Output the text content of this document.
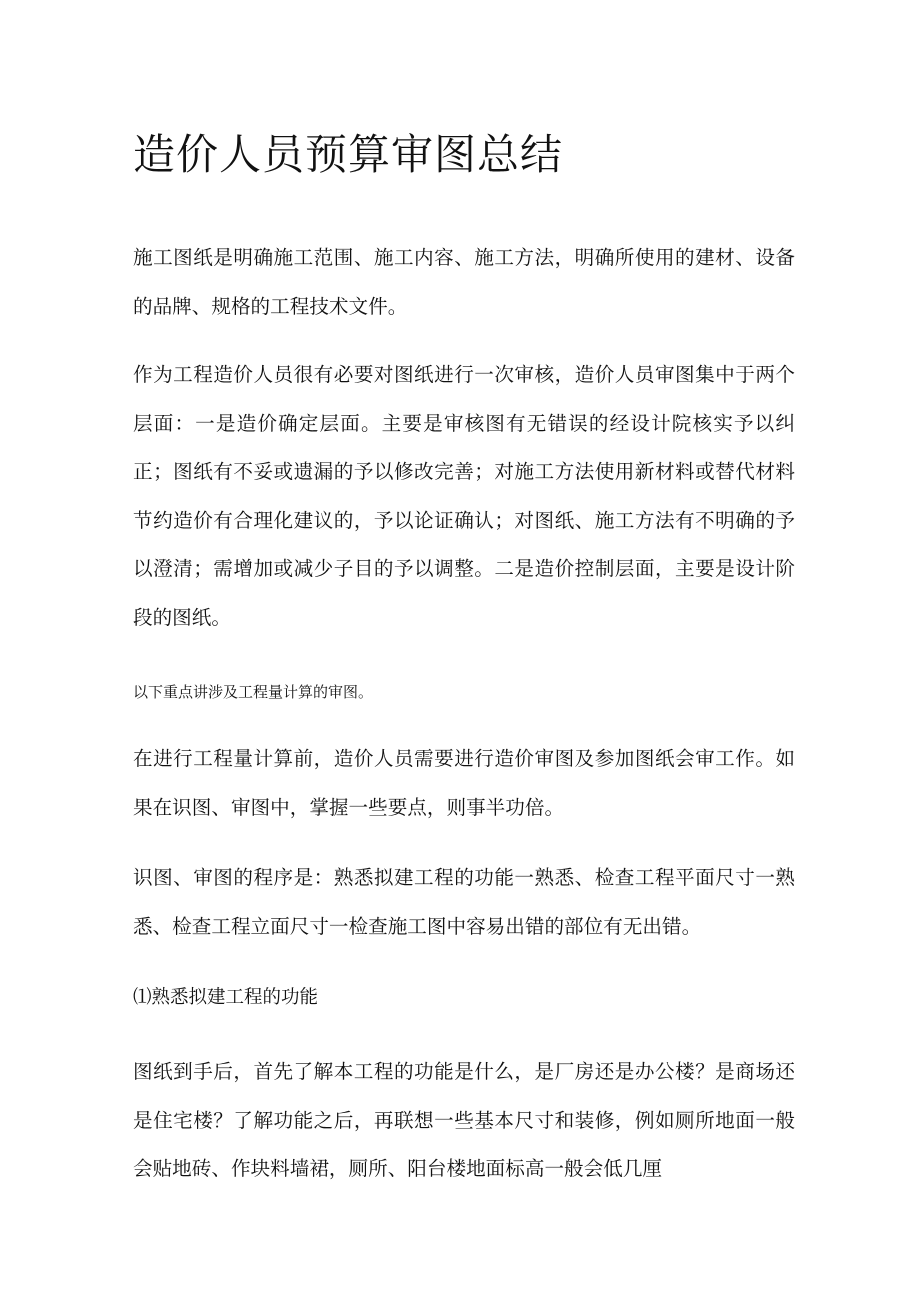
造价人员预算审图总结

施工图纸是明确施工范围、施工内容、施工方法，明确所使用的建材、设备的品牌、规格的工程技术文件。

作为工程造价人员很有必要对图纸进行一次审核，造价人员审图集中于两个层面：一是造价确定层面。主要是审核图有无错误的经设计院核实予以纠正；图纸有不妥或遗漏的予以修改完善；对施工方法使用新材料或替代材料节约造价有合理化建议的，予以论证确认；对图纸、施工方法有不明确的予以澄清；需增加或减少子目的予以调整。二是造价控制层面，主要是设计阶段的图纸。

以下重点讲涉及工程量计算的审图。

在进行工程量计算前，造价人员需要进行造价审图及参加图纸会审工作。如果在识图、审图中，掌握一些要点，则事半功倍。

识图、审图的程序是：熟悉拟建工程的功能一熟悉、检查工程平面尺寸一熟悉、检查工程立面尺寸一检查施工图中容易出错的部位有无出错。

⑴熟悉拟建工程的功能

图纸到手后，首先了解本工程的功能是什么，是厂房还是办公楼？是商场还是住宅楼？了解功能之后，再联想一些基本尺寸和装修，例如厕所地面一般会贴地砖、作块料墙裙，厕所、阳台楼地面标高一般会低几厘
